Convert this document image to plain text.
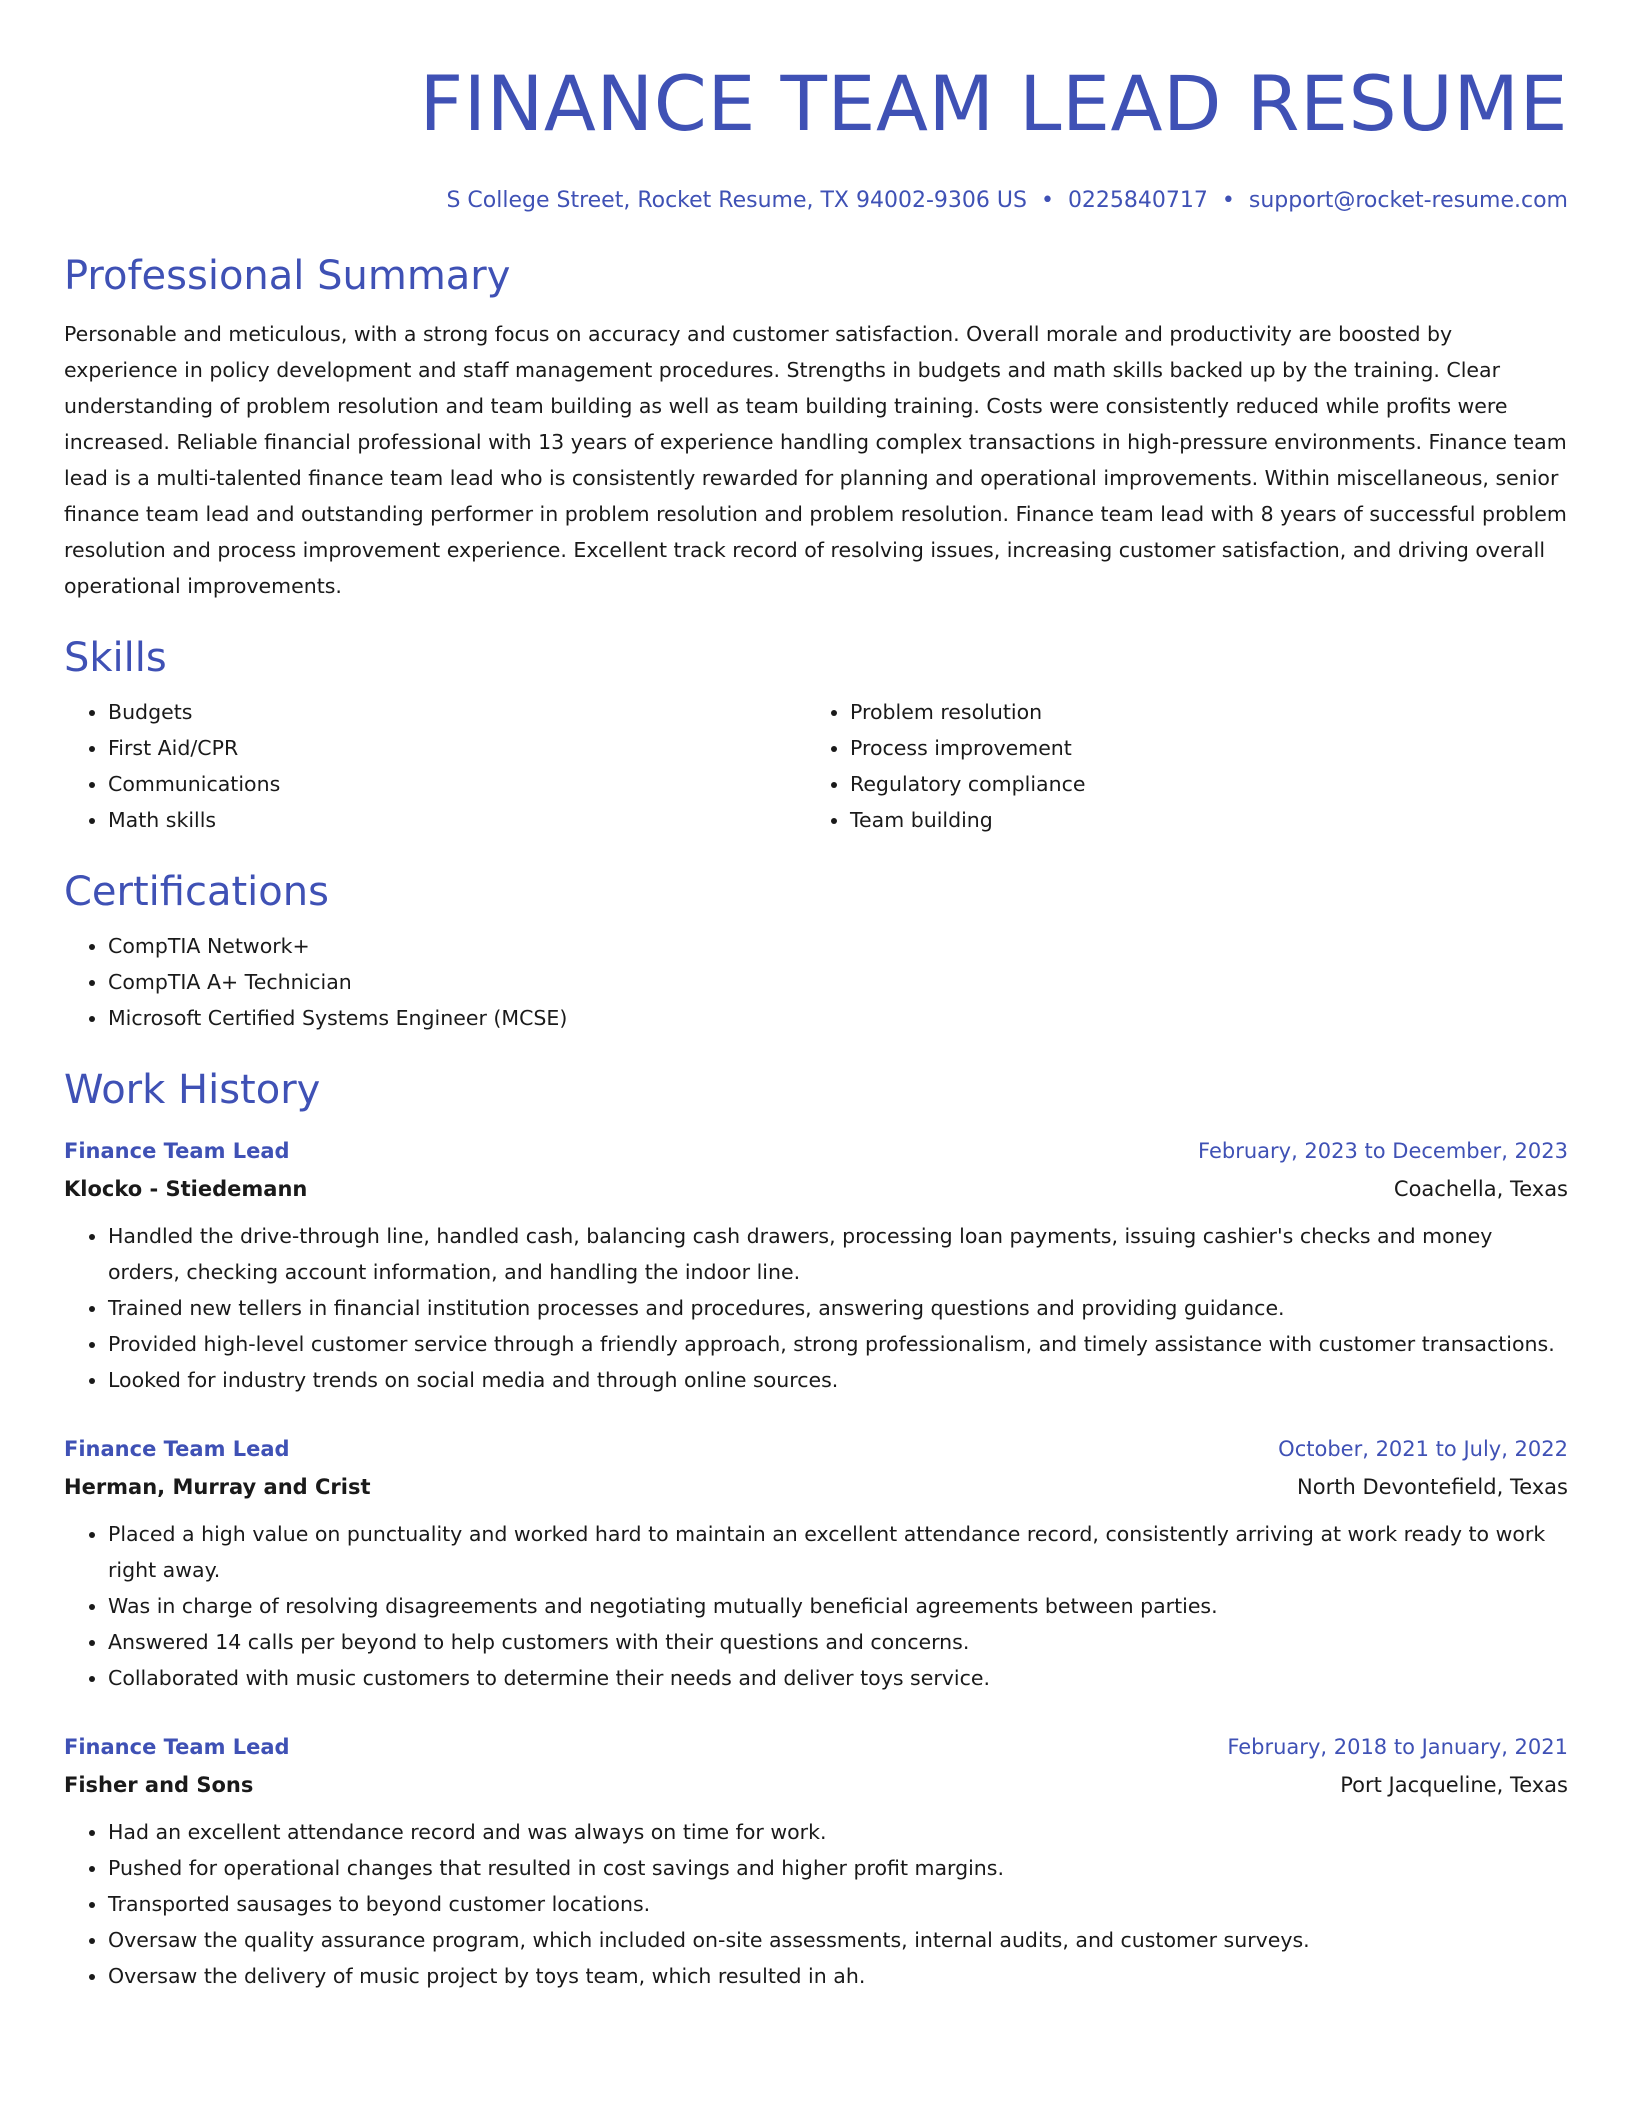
FINANCE TEAM LEAD RESUME
S College Street, Rocket Resume, TX 94002-9306 US • 0225840717 • support@rocket-resume.com
Professional Summary

Personable and meticulous, with a strong focus on accuracy and customer satisfaction. Overall morale and productivity are boosted by experience in policy development and staff management procedures. Strengths in budgets and math skills backed up by the training. Clear understanding of problem resolution and team building as well as team building training. Costs were consistently reduced while profits were increased. Reliable financial professional with 13 years of experience handling complex transactions in high-pressure environments. Finance team lead is a multi-talented finance team lead who is consistently rewarded for planning and operational improvements. Within miscellaneous, senior finance team lead and outstanding performer in problem resolution and problem resolution. Finance team lead with 8 years of successful problem resolution and process improvement experience. Excellent track record of resolving issues, increasing customer satisfaction, and driving overall operational improvements.

Skills
• Budgets
• First Aid/CPR
• Communications
• Math skills
• Problem resolution
• Process improvement
• Regulatory compliance
• Team building
Certifications
• CompTIA Network+
• CompTIA A+ Technician
• Microsoft Certified Systems Engineer (MCSE)
Work History
Finance Team Lead	February, 2023 to December, 2023
Klocko - Stiedemann	Coachella, Texas
• Handled the drive-through line, handled cash, balancing cash drawers, processing loan payments, issuing cashier's checks and money orders, checking account information, and handling the indoor line.
• Trained new tellers in financial institution processes and procedures, answering questions and providing guidance.
• Provided high-level customer service through a friendly approach, strong professionalism, and timely assistance with customer transactions.
• Looked for industry trends on social media and through online sources.
Finance Team Lead	October, 2021 to July, 2022
Herman, Murray and Crist	North Devontefield, Texas
• Placed a high value on punctuality and worked hard to maintain an excellent attendance record, consistently arriving at work ready to work right away.
• Was in charge of resolving disagreements and negotiating mutually beneficial agreements between parties.
• Answered 14 calls per beyond to help customers with their questions and concerns.
• Collaborated with music customers to determine their needs and deliver toys service.
Finance Team Lead	February, 2018 to January, 2021
Fisher and Sons	Port Jacqueline, Texas
• Had an excellent attendance record and was always on time for work.
• Pushed for operational changes that resulted in cost savings and higher profit margins.
• Transported sausages to beyond customer locations.
• Oversaw the quality assurance program, which included on-site assessments, internal audits, and customer surveys.
• Oversaw the delivery of music project by toys team, which resulted in ah.
